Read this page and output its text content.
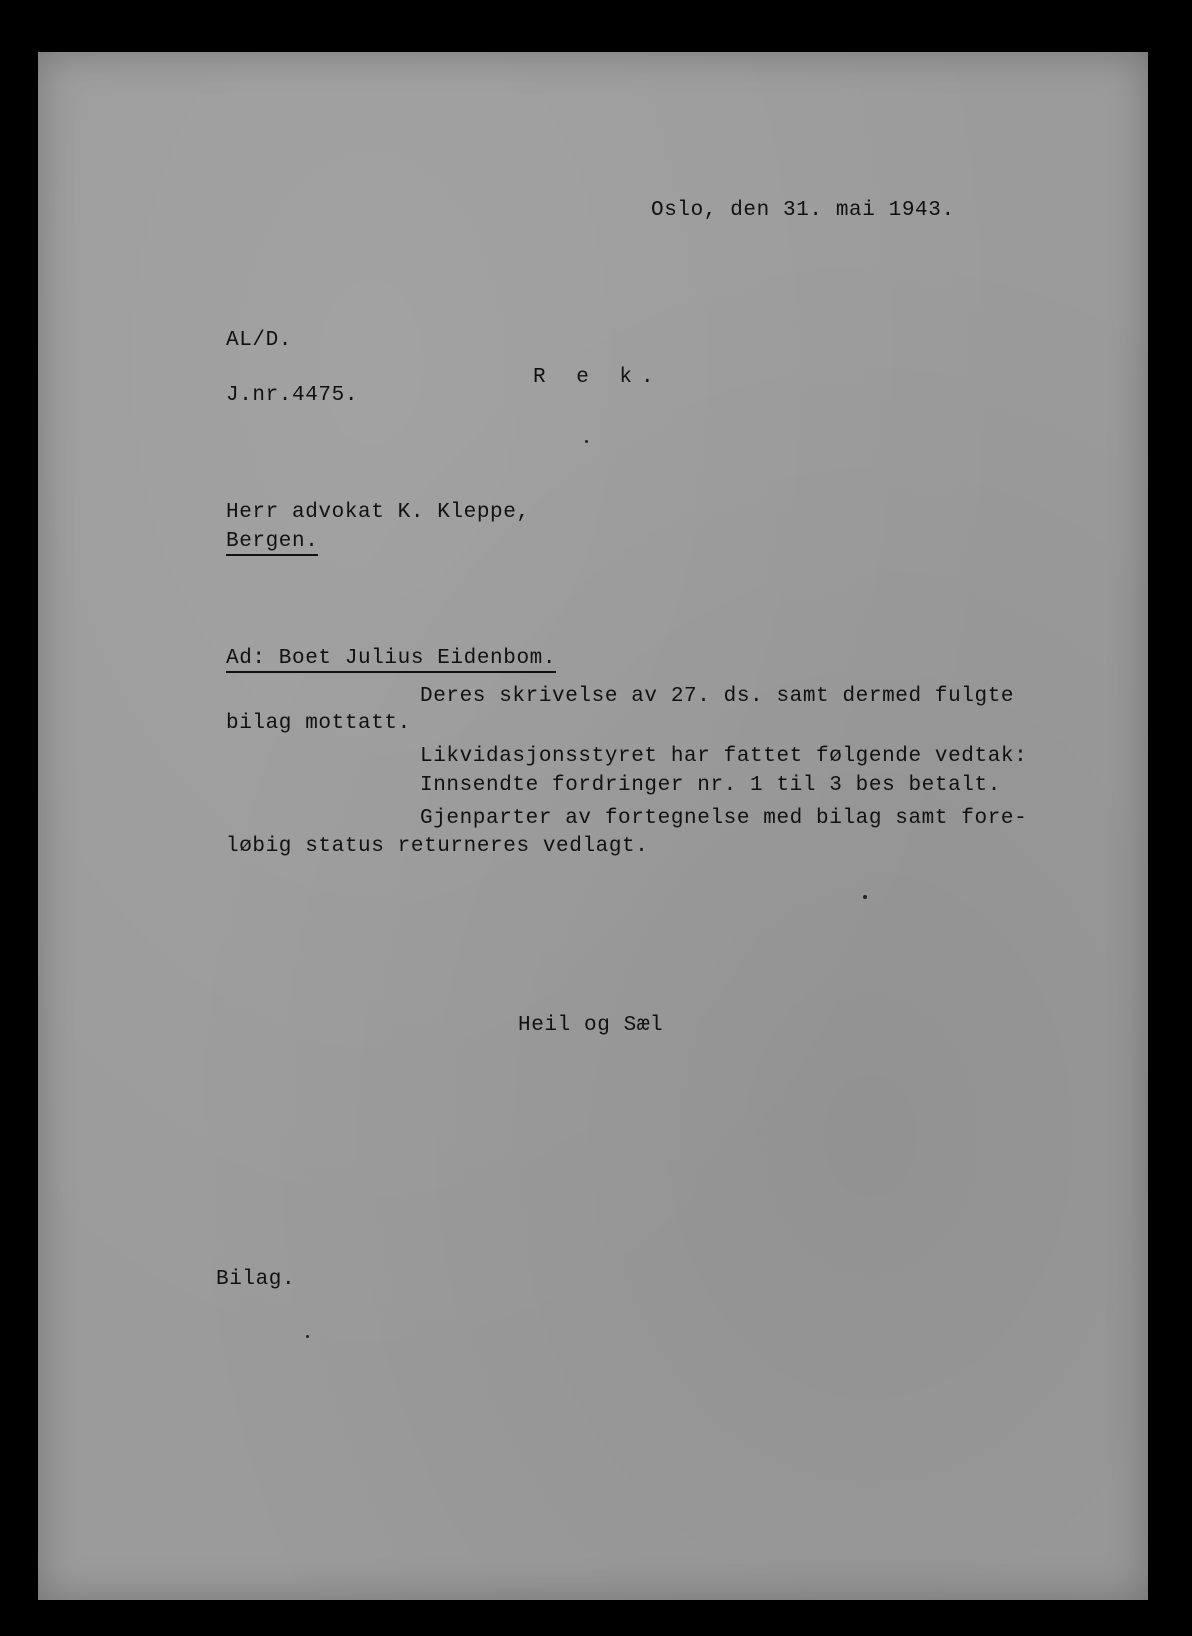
Oslo, den 31. mai 1943.
AL/D.
R e k.
J.nr.4475.
Herr advokat K. Kleppe,
Bergen.
Ad: Boet Julius Eidenbom.
Deres skrivelse av 27. ds. samt dermed fulgte
bilag mottatt.
Likvidasjonsstyret har fattet følgende vedtak:
Innsendte fordringer nr. 1 til 3 bes betalt.
Gjenparter av fortegnelse med bilag samt fore-
løbig status returneres vedlagt.
Heil og Sæl
Bilag.
